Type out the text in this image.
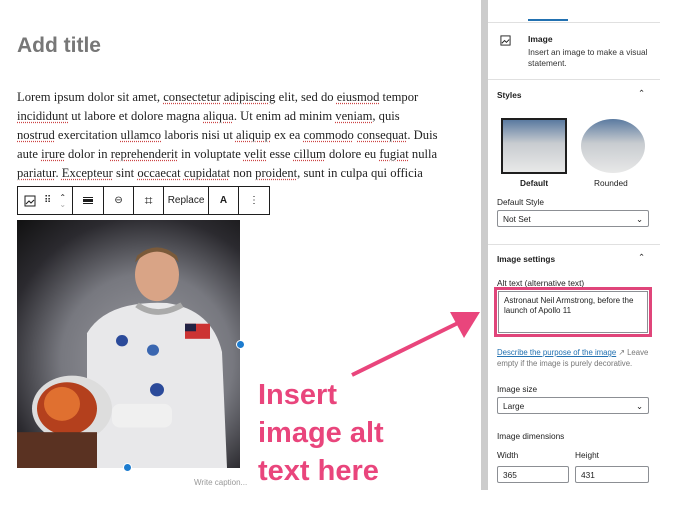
Add title
Lorem ipsum dolor sit amet, consectetur adipiscing elit, sed do eiusmod tempor
incididunt ut labore et dolore magna aliqua. Ut enim ad minim veniam, quis
nostrud exercitation ullamco laboris nisi ut aliquip ex ea commodo consequat. Duis
aute irure dolor in reprehenderit in voluptate velit esse cillum dolore eu fugiat nulla
pariatur. Excepteur sint occaecat cupidatat non proident, sunt in culpa qui officia
⠿ ⌃
⌄	⊖ ⌗	Replace	A	⋮
Write caption...
Image
Insert an image to make a visual statement.
Styles	⌃
Default	Rounded
Default Style
Not Set	⌄
Image settings	⌃
Alt text (alternative text)
Astronaut Neil Armstrong, before the launch of Apollo 11
Describe the purpose of the image ↗ Leave empty if the image is purely decorative.
Image size
Large	⌄
Image dimensions
Width	Height
365	431
Insert
image alt
text here
